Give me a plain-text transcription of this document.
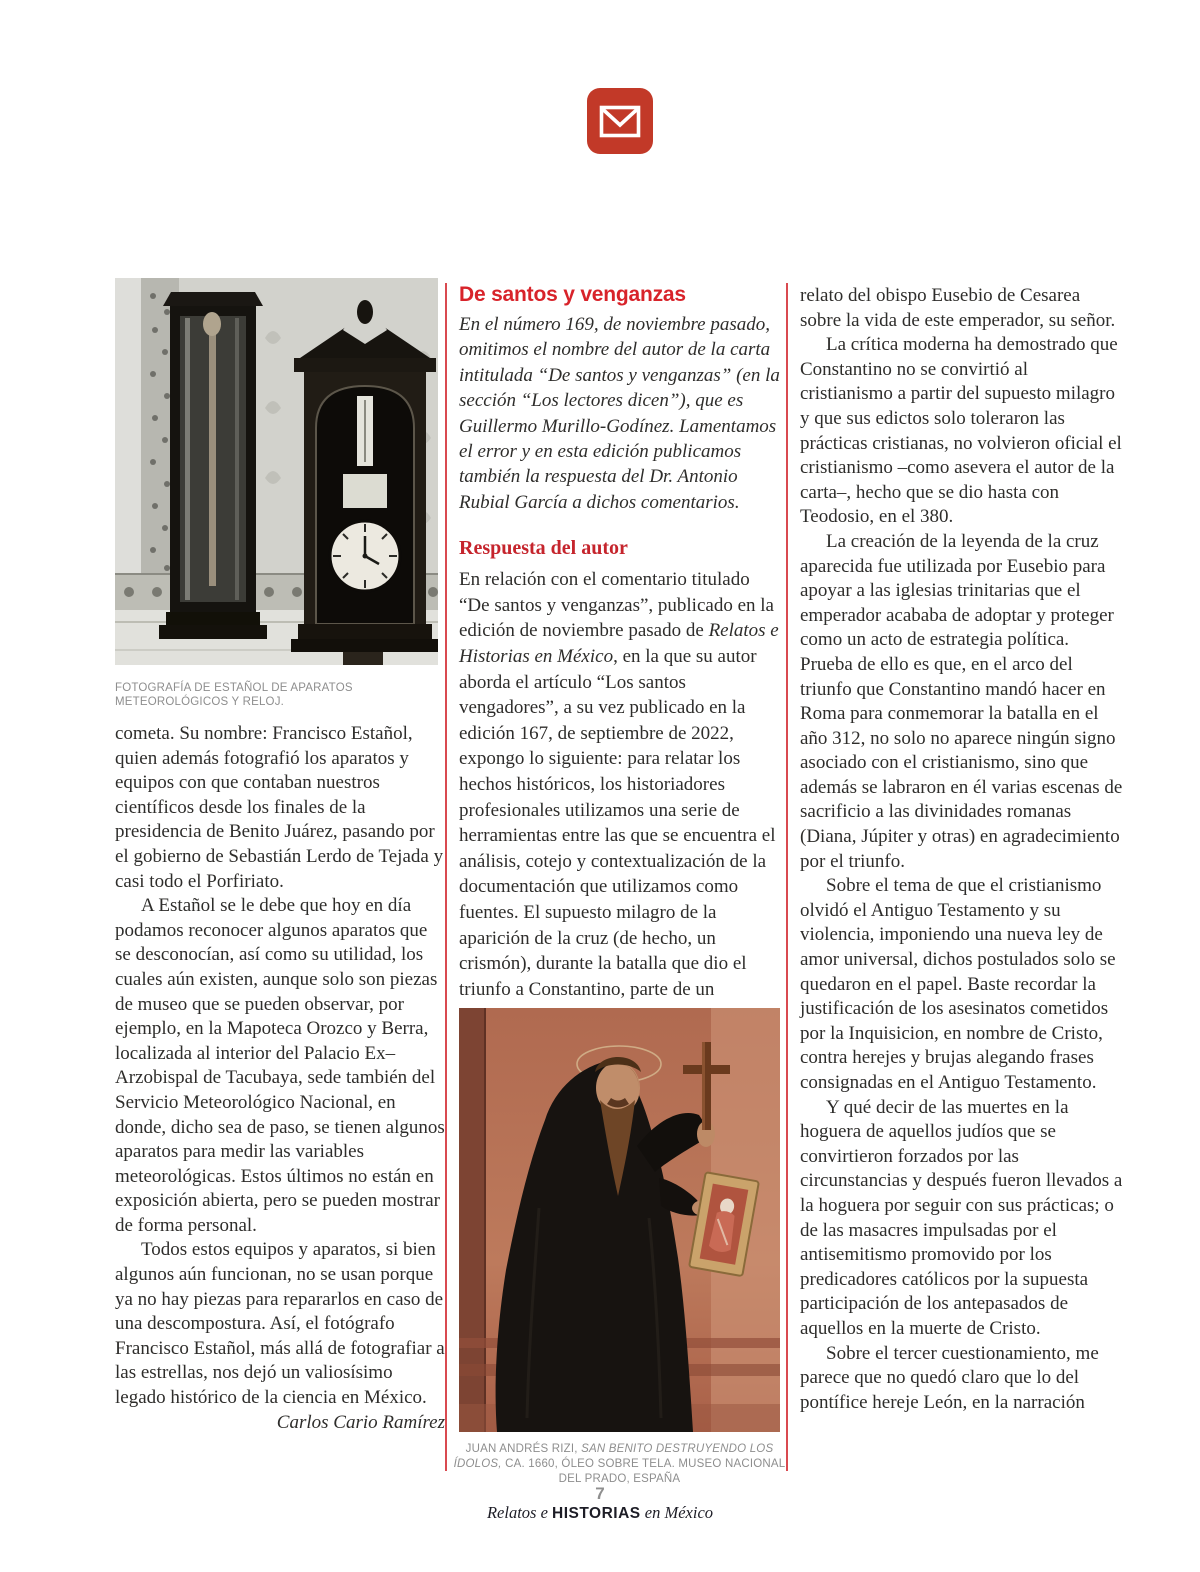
FOTOGRAFÍA DE ESTAÑOL DE APARATOS METEOROLÓGICOS Y RELOJ.

cometa. Su nombre: Francisco Estañol, quien además fotografió los aparatos y equipos con que contaban nuestros científicos desde los finales de la presidencia de Benito Juárez, pasando por el gobierno de Sebastián Lerdo de Tejada y casi todo el Porfiriato.

A Estañol se le debe que hoy en día podamos reconocer algunos aparatos que se desconocían, así como su utilidad, los cuales aún existen, aunque solo son piezas de museo que se pueden observar, por ejemplo, en la Mapoteca Orozco y Berra, localizada al interior del Palacio Ex–Arzobispal de Tacubaya, sede también del Servicio Meteorológico Nacional, en donde, dicho sea de paso, se tienen algunos aparatos para medir las variables meteorológicas. Estos últimos no están en exposición abierta, pero se pueden mostrar de forma personal.

Todos estos equipos y aparatos, si bien algunos aún funcionan, no se usan porque ya no hay piezas para repararlos en caso de una descompostura. Así, el fotógrafo Francisco Estañol, más allá de fotografiar a las estrellas, nos dejó un valiosísimo legado histórico de la ciencia en México.

Carlos Cario Ramírez

De santos y venganzas

En el número 169, de noviembre pasado, omitimos el nombre del autor de la carta intitulada “De santos y venganzas” (en la sección “Los lectores dicen”), que es Guillermo Murillo-Godínez. Lamentamos el error y en esta edición publicamos también la respuesta del Dr. Antonio Rubial García a dichos comentarios.

Respuesta del autor

En relación con el comentario titulado “De santos y venganzas”, publicado en la edición de noviembre pasado de Relatos e Historias en México, en la que su autor aborda el artículo “Los santos vengadores”, a su vez publicado en la edición 167, de septiembre de 2022, expongo lo siguiente: para relatar los hechos históricos, los historiadores profesionales utilizamos una serie de herramientas entre las que se encuentra el análisis, cotejo y contextualización de la documentación que utilizamos como fuentes. El supuesto milagro de la aparición de la cruz (de hecho, un crismón), durante la batalla que dio el triunfo a Constantino, parte de un

JUAN ANDRÉS RIZI, SAN BENITO DESTRUYENDO LOS ÍDOLOS, CA. 1660, ÓLEO SOBRE TELA. MUSEO NACIONAL DEL PRADO, ESPAÑA

relato del obispo Eusebio de Cesarea sobre la vida de este emperador, su señor.

La crítica moderna ha demostrado que Constantino no se convirtió al cristianismo a partir del supuesto milagro y que sus edictos solo toleraron las prácticas cristianas, no volvieron oficial el cristianismo –como asevera el autor de la carta–, hecho que se dio hasta con Teodosio, en el 380.

La creación de la leyenda de la cruz aparecida fue utilizada por Eusebio para apoyar a las iglesias trinitarias que el emperador acababa de adoptar y proteger como un acto de estrategia política. Prueba de ello es que, en el arco del triunfo que Constantino mandó hacer en Roma para conmemorar la batalla en el año 312, no solo no aparece ningún signo asociado con el cristianismo, sino que además se labraron en él varias escenas de sacrificio a las divinidades romanas (Diana, Júpiter y otras) en agradecimiento por el triunfo.

Sobre el tema de que el cristianismo olvidó el Antiguo Testamento y su violencia, imponiendo una nueva ley de amor universal, dichos postulados solo se quedaron en el papel. Baste recordar la justificación de los asesinatos cometidos por la Inquisicion, en nombre de Cristo, contra herejes y brujas alegando frases consignadas en el Antiguo Testamento.

Y qué decir de las muertes en la hoguera de aquellos judíos que se convirtieron forzados por las circunstancias y después fueron llevados a la hoguera por seguir con sus prácticas; o de las masacres impulsadas por el antisemitismo promovido por los predicadores católicos por la supuesta participación de los antepasados de aquellos en la muerte de Cristo.

Sobre el tercer cuestionamiento, me parece que no quedó claro que lo del pontífice hereje León, en la narración

7
Relatos e HISTORIAS en México
